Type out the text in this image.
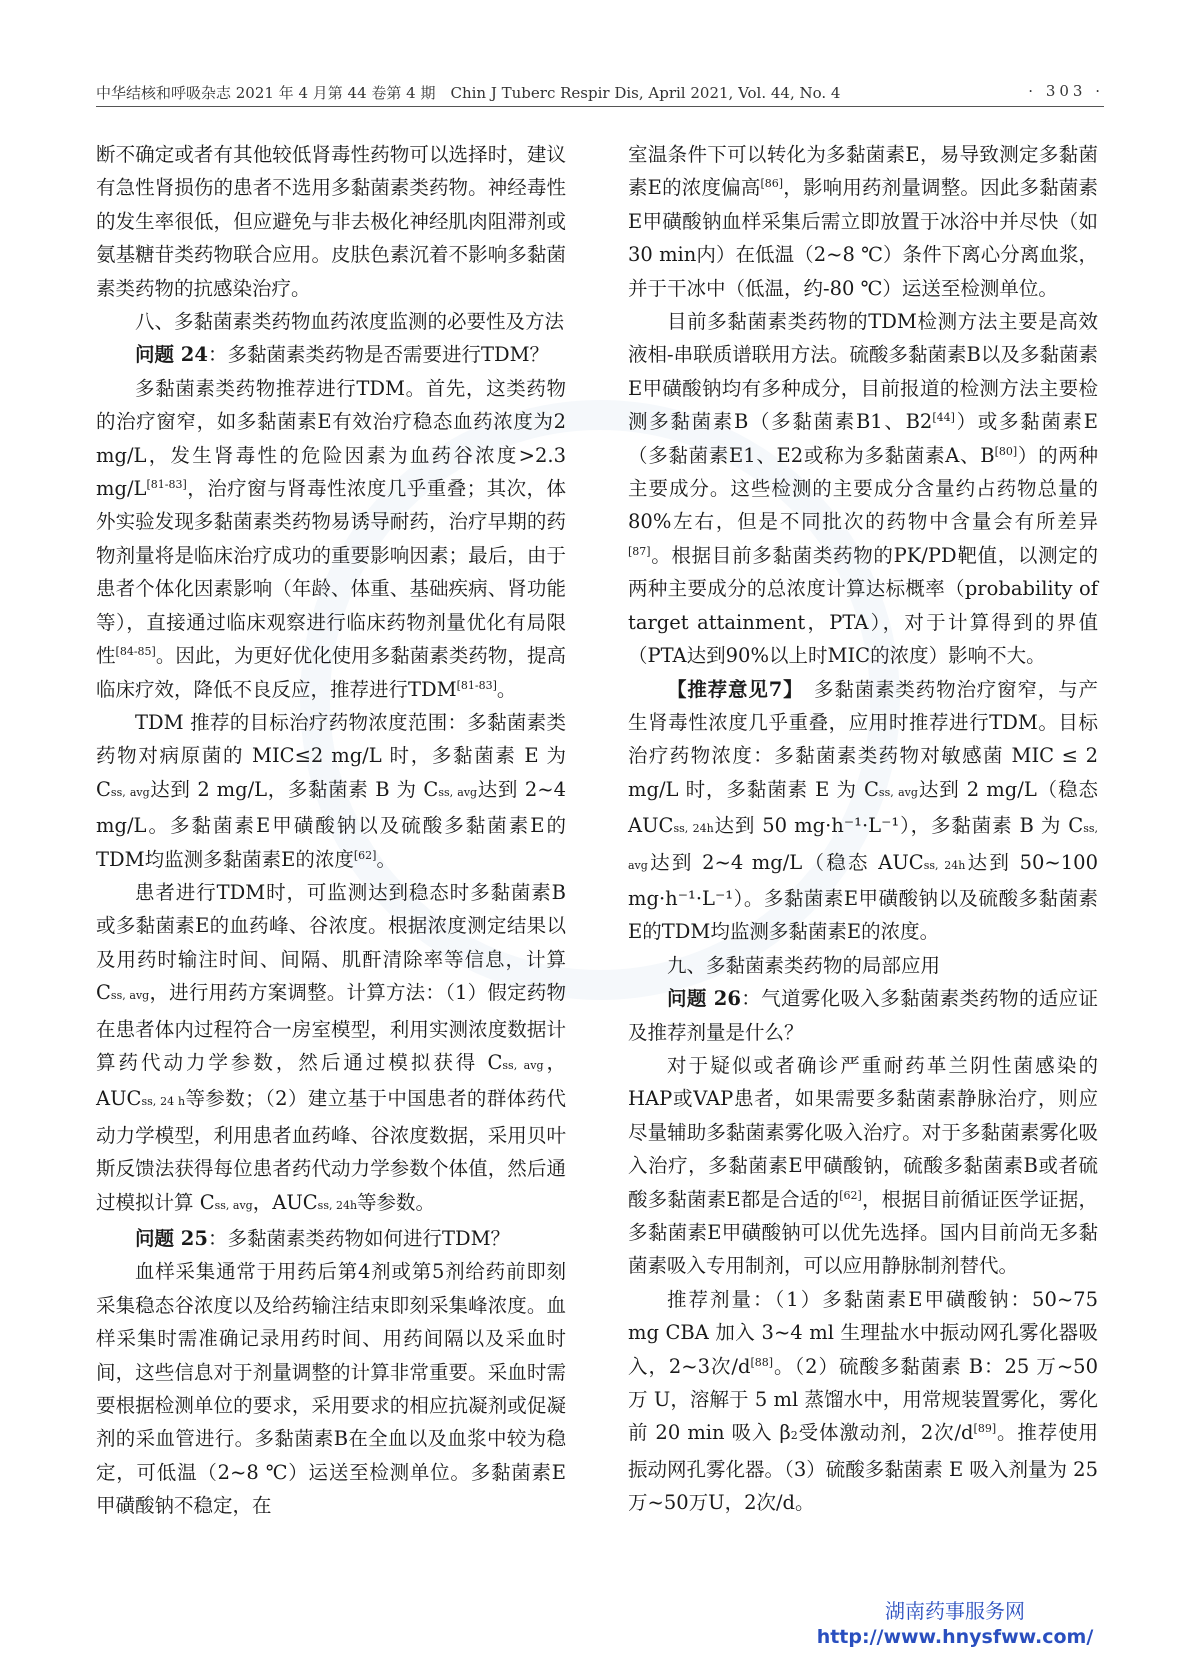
中华结核和呼吸杂志 2021 年 4 月第 44 卷第 4 期　Chin J Tuberc Respir Dis, April 2021, Vol. 44, No. 4	· 303 ·

断不确定或者有其他较低肾毒性药物可以选择时，建议有急性肾损伤的患者不选用多黏菌素类药物。神经毒性的发生率很低，但应避免与非去极化神经肌肉阻滞剂或氨基糖苷类药物联合应用。皮肤色素沉着不影响多黏菌素类药物的抗感染治疗。

八、多黏菌素类药物血药浓度监测的必要性及方法

问题 24：多黏菌素类药物是否需要进行TDM？

多黏菌素类药物推荐进行TDM。首先，这类药物的治疗窗窄，如多黏菌素E有效治疗稳态血药浓度为2 mg/L，发生肾毒性的危险因素为血药谷浓度>2.3 mg/L[81-83]，治疗窗与肾毒性浓度几乎重叠；其次，体外实验发现多黏菌素类药物易诱导耐药，治疗早期的药物剂量将是临床治疗成功的重要影响因素；最后，由于患者个体化因素影响（年龄、体重、基础疾病、肾功能等），直接通过临床观察进行临床药物剂量优化有局限性[84-85]。因此，为更好优化使用多黏菌素类药物，提高临床疗效，降低不良反应，推荐进行TDM[81-83]。

TDM 推荐的目标治疗药物浓度范围：多黏菌素类药物对病原菌的 MIC≤2 mg/L 时，多黏菌素 E 为 Css, avg达到 2 mg/L，多黏菌素 B 为 Css, avg达到 2~4 mg/L。多黏菌素E甲磺酸钠以及硫酸多黏菌素E的TDM均监测多黏菌素E的浓度[62]。

患者进行TDM时，可监测达到稳态时多黏菌素B或多黏菌素E的血药峰、谷浓度。根据浓度测定结果以及用药时输注时间、间隔、肌酐清除率等信息，计算 Css, avg，进行用药方案调整。计算方法：（1）假定药物在患者体内过程符合一房室模型，利用实测浓度数据计算药代动力学参数，然后通过模拟获得 Css, avg，AUCss, 24 h等参数；（2）建立基于中国患者的群体药代动力学模型，利用患者血药峰、谷浓度数据，采用贝叶斯反馈法获得每位患者药代动力学参数个体值，然后通过模拟计算 Css, avg，AUCss, 24h等参数。

问题 25：多黏菌素类药物如何进行TDM？

血样采集通常于用药后第4剂或第5剂给药前即刻采集稳态谷浓度以及给药输注结束即刻采集峰浓度。血样采集时需准确记录用药时间、用药间隔以及采血时间，这些信息对于剂量调整的计算非常重要。采血时需要根据检测单位的要求，采用要求的相应抗凝剂或促凝剂的采血管进行。多黏菌素B在全血以及血浆中较为稳定，可低温（2~8 ℃）运送至检测单位。多黏菌素E甲磺酸钠不稳定，在

室温条件下可以转化为多黏菌素E，易导致测定多黏菌素E的浓度偏高[86]，影响用药剂量调整。因此多黏菌素E甲磺酸钠血样采集后需立即放置于冰浴中并尽快（如30 min内）在低温（2~8 ℃）条件下离心分离血浆，并于干冰中（低温，约-80 ℃）运送至检测单位。

目前多黏菌素类药物的TDM检测方法主要是高效液相-串联质谱联用方法。硫酸多黏菌素B以及多黏菌素E甲磺酸钠均有多种成分，目前报道的检测方法主要检测多黏菌素B（多黏菌素B1、B2[44]）或多黏菌素E（多黏菌素E1、E2或称为多黏菌素A、B[80]）的两种主要成分。这些检测的主要成分含量约占药物总量的80%左右，但是不同批次的药物中含量会有所差异[87]。根据目前多黏菌类药物的PK/PD靶值，以测定的两种主要成分的总浓度计算达标概率（probability of target attainment，PTA），对于计算得到的界值（PTA达到90%以上时MIC的浓度）影响不大。

【推荐意见7】　多黏菌素类药物治疗窗窄，与产生肾毒性浓度几乎重叠，应用时推荐进行TDM。目标治疗药物浓度：多黏菌素类药物对敏感菌 MIC ≤ 2 mg/L 时，多黏菌素 E 为 Css, avg达到 2 mg/L（稳态 AUCss, 24h达到 50 mg·h⁻¹·L⁻¹），多黏菌素 B 为 Css, avg达到 2~4 mg/L（稳态 AUCss, 24h达到 50~100 mg·h⁻¹·L⁻¹）。多黏菌素E甲磺酸钠以及硫酸多黏菌素E的TDM均监测多黏菌素E的浓度。

九、多黏菌素类药物的局部应用

问题 26：气道雾化吸入多黏菌素类药物的适应证及推荐剂量是什么？

对于疑似或者确诊严重耐药革兰阴性菌感染的HAP或VAP患者，如果需要多黏菌素静脉治疗，则应尽量辅助多黏菌素雾化吸入治疗。对于多黏菌素雾化吸入治疗，多黏菌素E甲磺酸钠，硫酸多黏菌素B或者硫酸多黏菌素E都是合适的[62]，根据目前循证医学证据，多黏菌素E甲磺酸钠可以优先选择。国内目前尚无多黏菌素吸入专用制剂，可以应用静脉制剂替代。

推荐剂量：（1）多黏菌素E甲磺酸钠：50~75 mg CBA 加入 3~4 ml 生理盐水中振动网孔雾化器吸入，2~3次/d[88]。（2）硫酸多黏菌素 B：25 万~50 万 U，溶解于 5 ml 蒸馏水中，用常规装置雾化，雾化前 20 min 吸入 β2受体激动剂，2次/d[89]。推荐使用振动网孔雾化器。（3）硫酸多黏菌素 E 吸入剂量为 25万~50万U，2次/d。

湖南药事服务网
http://www.hnysfww.com/
